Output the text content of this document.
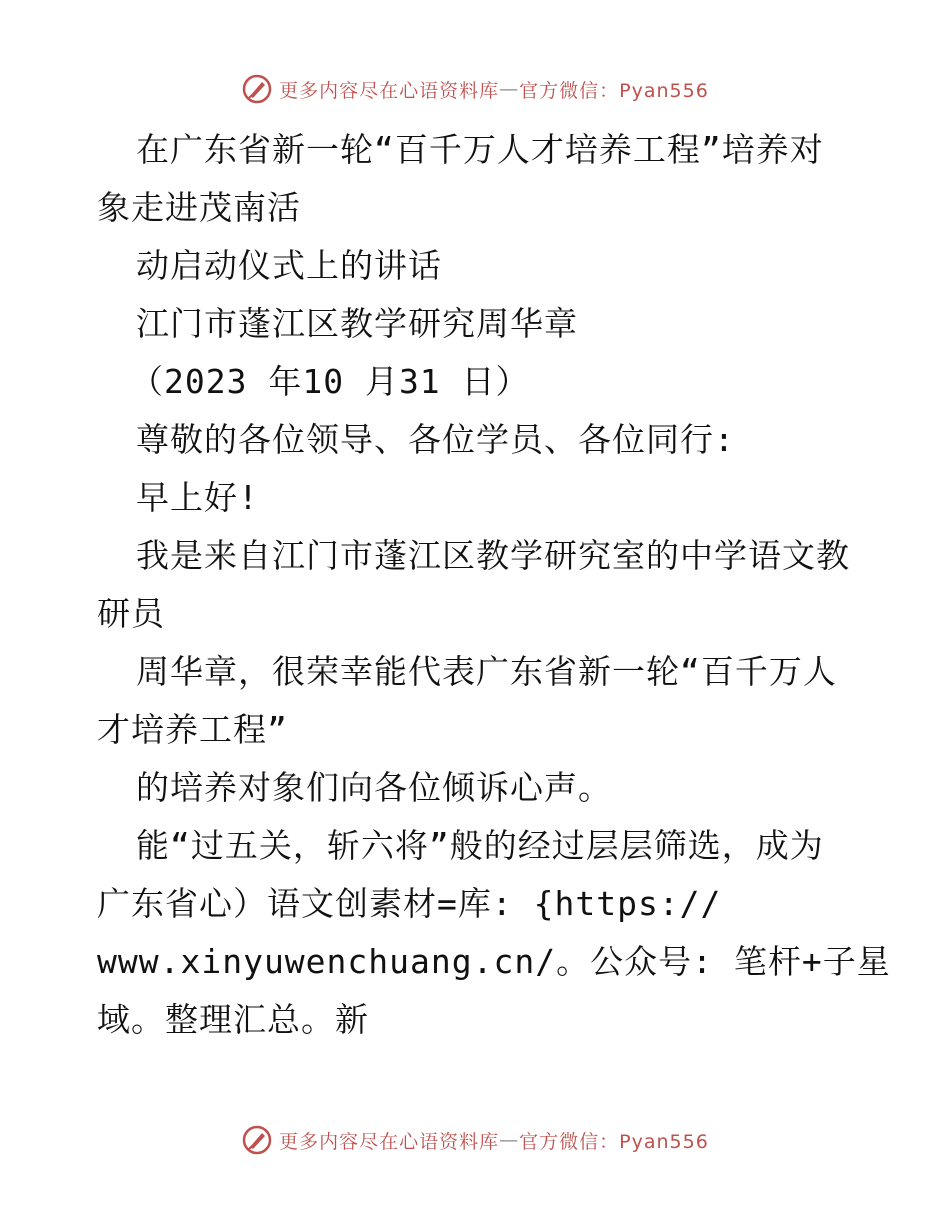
更多内容尽在心语资料库 — 官方微信：Pyan556
在广东省新一轮“百千万人才培养工程”培养对
象走进茂南活
动启动仪式上的讲话
江门市蓬江区教学研究周华章
（2023 年10 月31 日）
尊敬的各位领导、各位学员、各位同行:
早上好!
我是来自江门市蓬江区教学研究室的中学语文教
研员
周华章，很荣幸能代表广东省新一轮“百千万人
才培养工程”
的培养对象们向各位倾诉心声。
能“过五关，斩六将”般的经过层层筛选，成为
广东省心）语文创素材=库: {https://
www.xinyuwenchuang.cn/。公众号: 笔杆+子星
域。整理汇总。新
更多内容尽在心语资料库 — 官方微信：Pyan556
